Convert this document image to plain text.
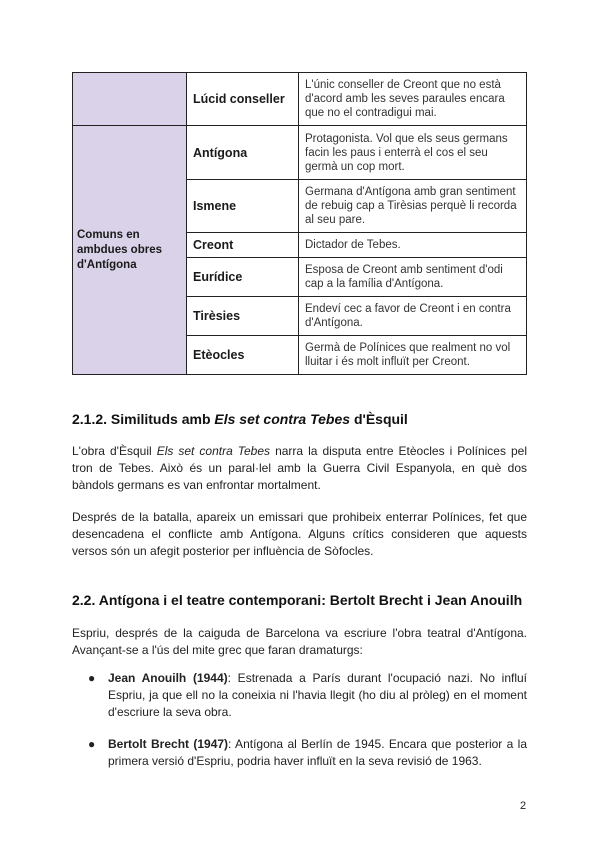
	Lúcid conseller	L'únic conseller de Creont que no està d'acord amb les seves paraules encara que no el contradigui mai.
Comuns en ambdues obres d'Antígona	Antígona	Protagonista. Vol que els seus germans facin les paus i enterrà el cos el seu germà un cop mort.
	Ismene	Germana d'Antígona amb gran sentiment de rebuig cap a Tirèsias perquè li recorda al seu pare.
	Creont	Dictador de Tebes.
	Eurídice	Esposa de Creont amb sentiment d'odi cap a la família d'Antígona.
	Tirèsies	Endeví cec a favor de Creont i en contra d'Antígona.
	Etèocles	Germà de Polínices que realment no vol lluitar i és molt influït per Creont.
2.1.2. Similituds amb Els set contra Tebes d'Èsquil

L'obra d'Èsquil Els set contra Tebes narra la disputa entre Etèocles i Polínices pel tron de Tebes. Això és un paral·lel amb la Guerra Civil Espanyola, en què dos bàndols germans es van enfrontar mortalment.

Després de la batalla, apareix un emissari que prohibeix enterrar Polínices, fet que desencadena el conflicte amb Antígona. Alguns crítics consideren que aquests versos són un afegit posterior per influència de Sòfocles.

2.2. Antígona i el teatre contemporani: Bertolt Brecht i Jean Anouilh

Espriu, després de la caiguda de Barcelona va escriure l'obra teatral d'Antígona. Avançant-se a l'ús del mite grec que faran dramaturgs:

● Jean Anouilh (1944): Estrenada a París durant l'ocupació nazi. No influí Espriu, ja que ell no la coneixia ni l'havia llegit (ho diu al pròleg) en el moment d'escriure la seva obra.
● Bertolt Brecht (1947): Antígona al Berlín de 1945. Encara que posterior a la primera versió d'Espriu, podria haver influït en la seva revisió de 1963.
2
